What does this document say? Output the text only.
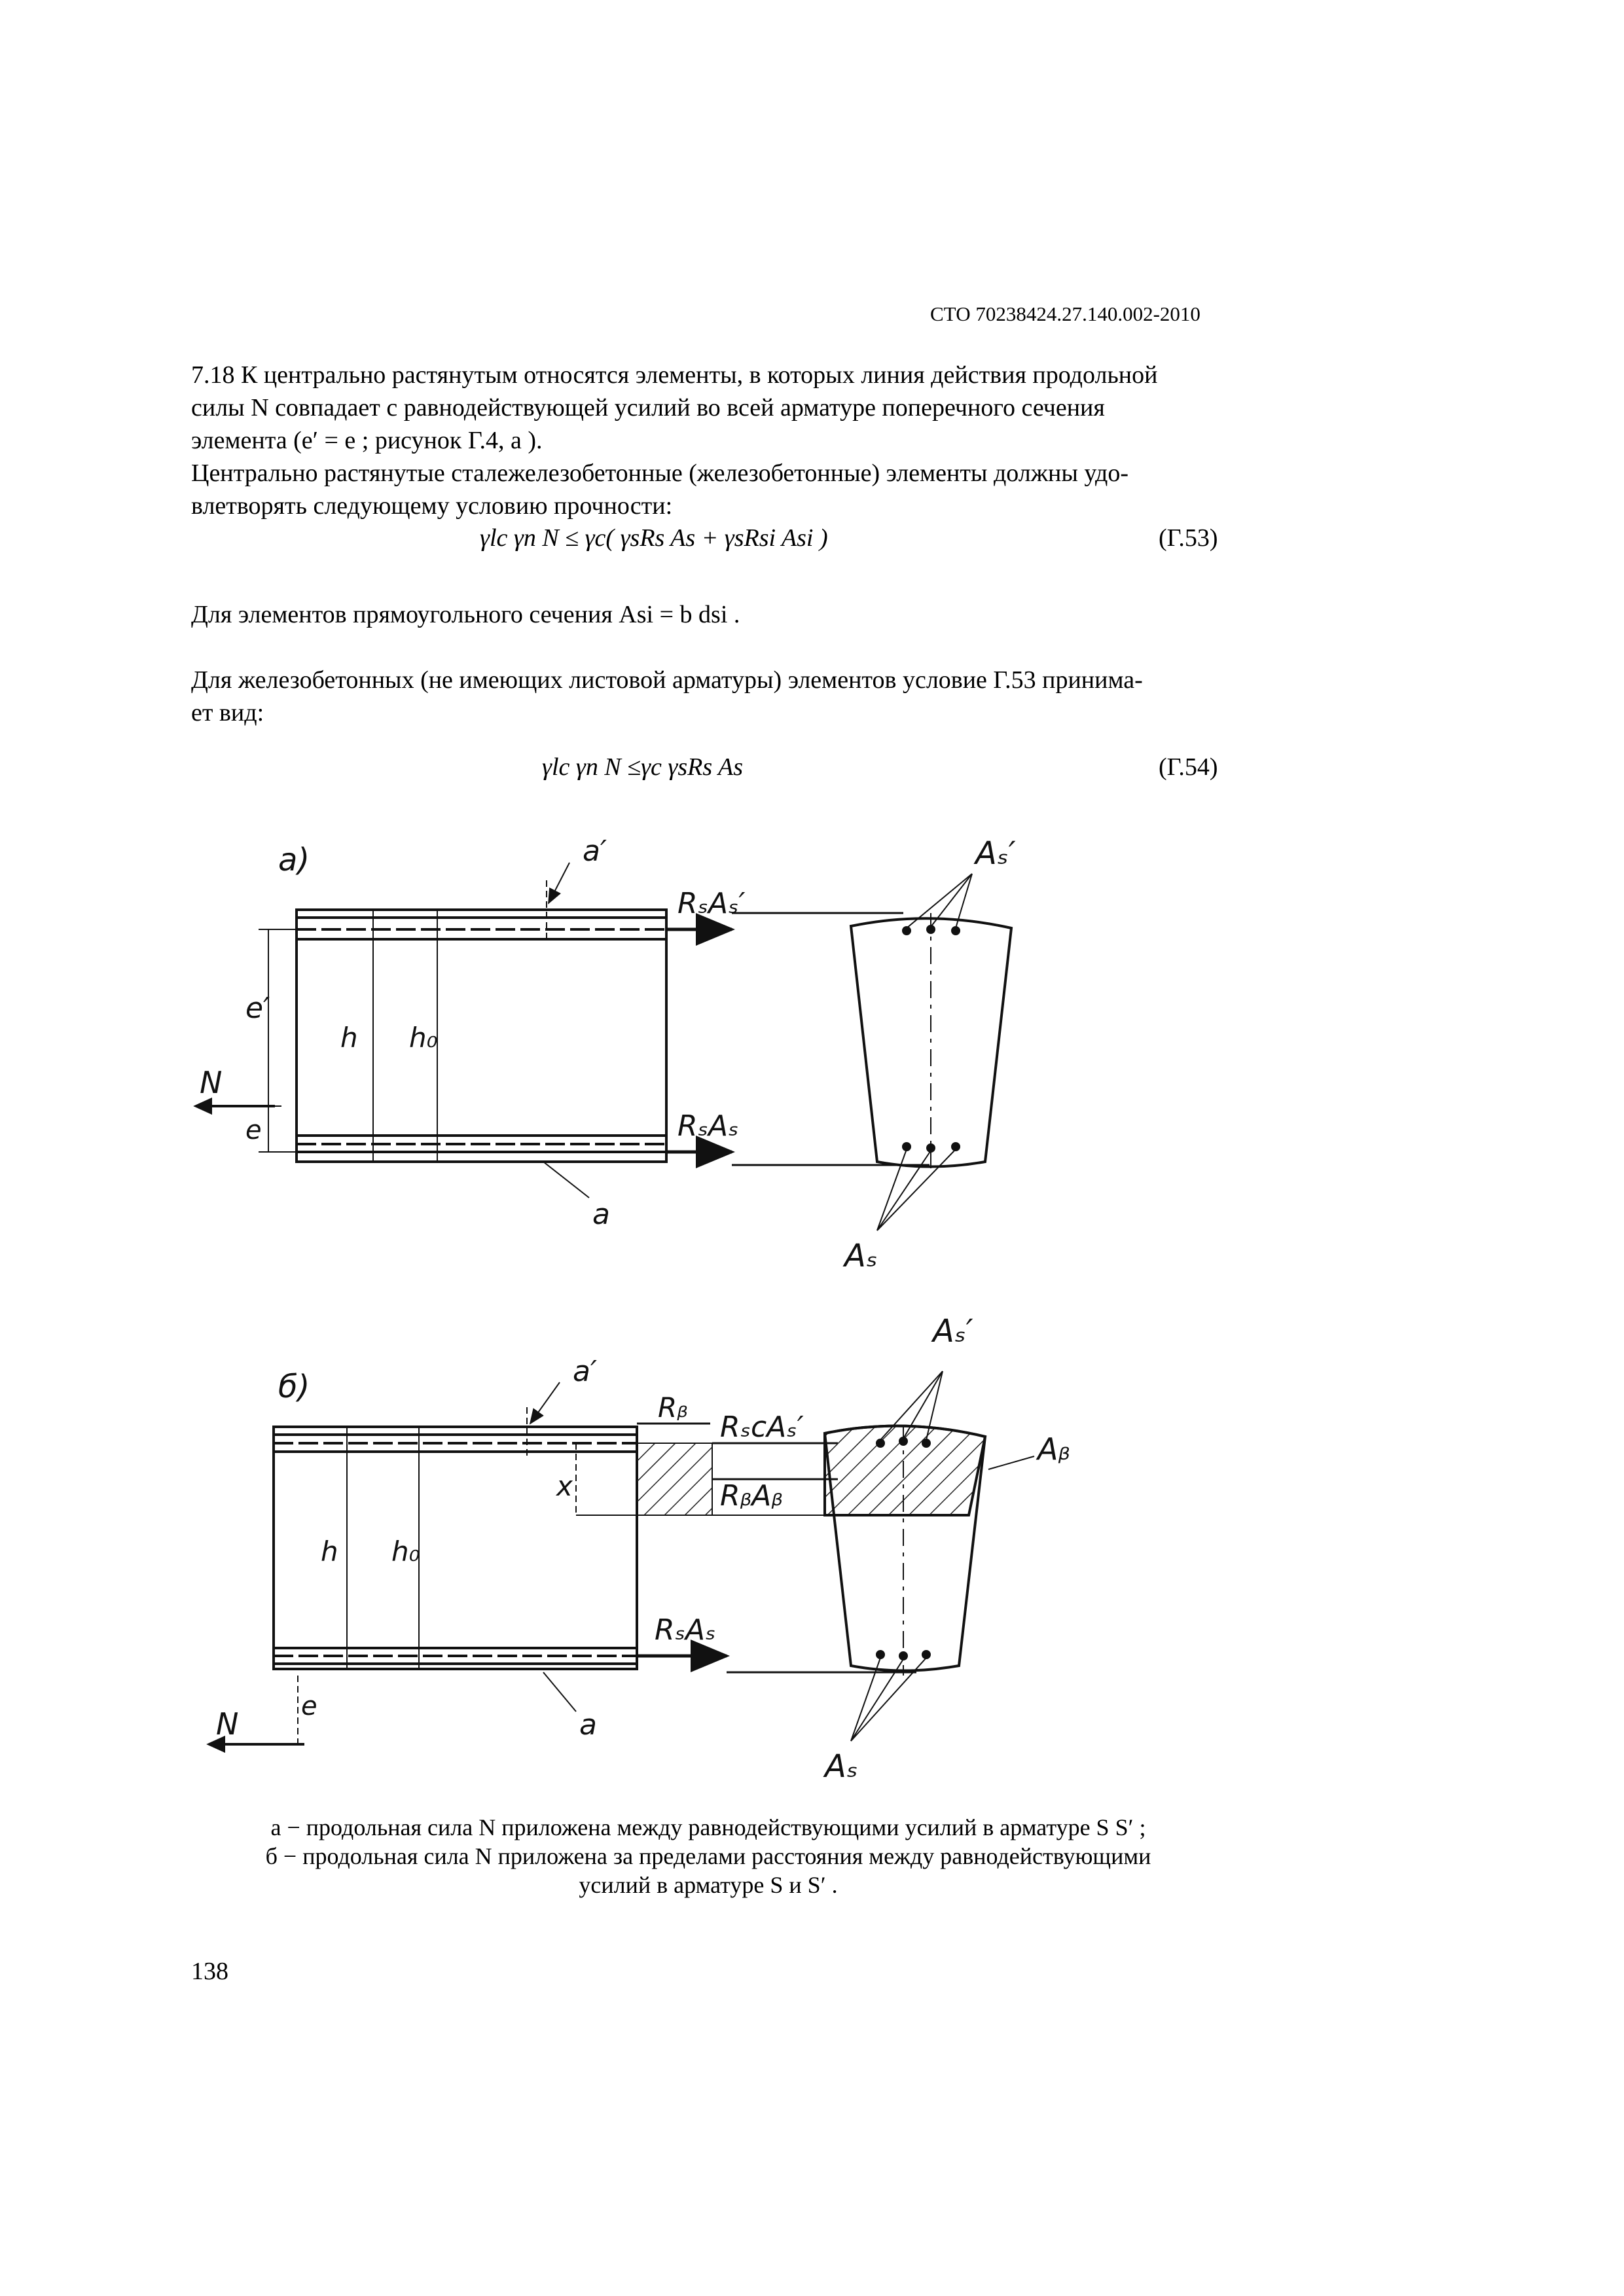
СТО 70238424.27.140.002-2010
7.18 К центрально растянутым относятся элементы, в которых линия действия продольной
силы N совпадает с равнодействующей усилий во всей арматуре поперечного сечения
элемента (e′ = e ; рисунок Г.4, а ).
Центрально растянутые сталежелезобетонные (железобетонные) элементы должны удо-
влетворять следующему условию прочности:
γlc γn N ≤ γc( γsRs As + γsRsi Asi )	(Г.53)
Для элементов прямоугольного сечения Asi = b dsi .
Для железобетонных (не имеющих листовой арматуры) элементов условие Г.53 принима-
ет вид:
γlc γn N ≤γc γsRs As	(Г.54)
а)	a′
a
e′
e
N
h h₀
RₛAₛ′
RₛAₛ
Aₛ′
Aₛ
б)	a′
a
e
N
h h₀
x
Rᵦ
RₛcAₛ′
RᵦAᵦ
RₛAₛ
Aₛ′
Aₛ
Aᵦ
а − продольная сила N приложена между равнодействующими усилий в арматуре S S′ ;
б − продольная сила N приложена за пределами расстояния между равнодействующими
усилий в арматуре S и S′ .
138
